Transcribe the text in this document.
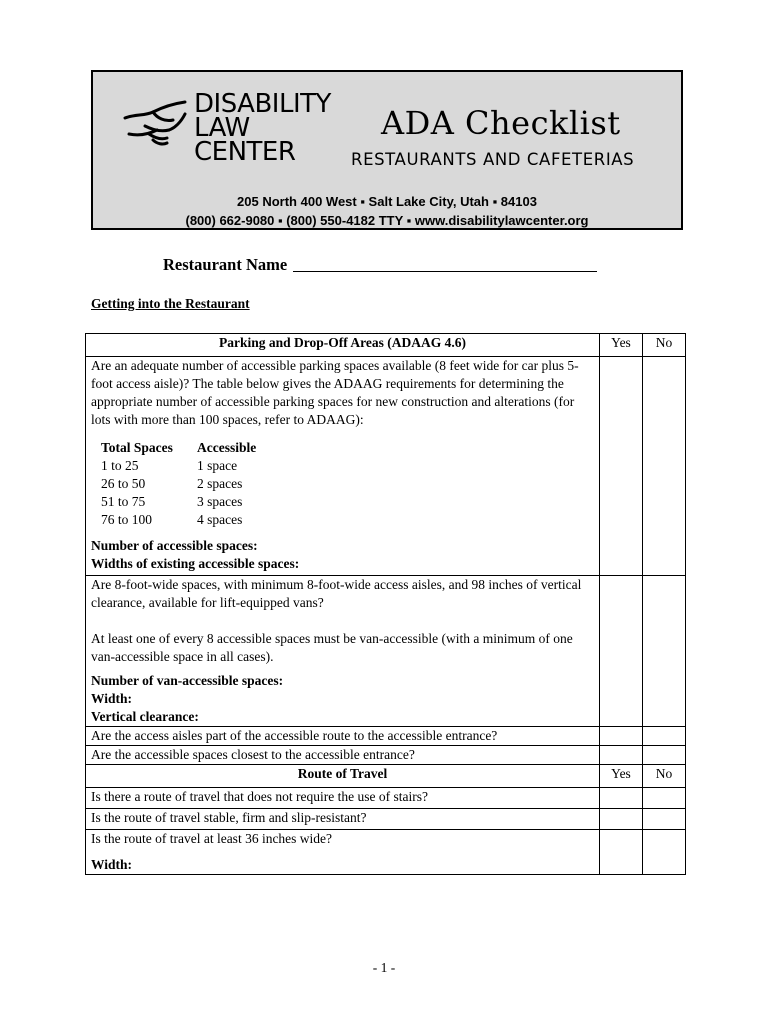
DISABILITY
LAW
CENTER
ADA Checklist
RESTAURANTS AND CAFETERIAS
205 North 400 West ▪ Salt Lake City, Utah ▪ 84103
(800) 662-9080 ▪ (800) 550-4182 TTY ▪ www.disabilitylawcenter.org
Restaurant Name
Getting into the Restaurant
Parking and Drop-Off Areas (ADAAG 4.6)	Yes	No

Are an adequate number of accessible parking spaces available (8 feet wide for car plus 5-foot access aisle)? The table below gives the ADAAG requirements for determining the appropriate number of accessible parking spaces for new construction and alterations (for lots with more than 100 spaces, refer to ADAAG):
Total Spaces	Accessible
1 to 25	1 space
26 to 50	2 spaces
51 to 75	3 spaces
76 to 100	4 spaces
Number of accessible spaces:
Widths of existing accessible spaces:

Are 8-foot-wide spaces, with minimum 8-foot-wide access aisles, and 98 inches of vertical clearance, available for lift-equipped vans?
At least one of every 8 accessible spaces must be van-accessible (with a minimum of one van-accessible space in all cases).
Number of van-accessible spaces:
Width:
Vertical clearance:

Are the access aisles part of the accessible route to the accessible entrance?		
Are the accessible spaces closest to the accessible entrance?		
Route of Travel	Yes	No
Is there a route of travel that does not require the use of stairs?		
Is the route of travel stable, firm and slip-resistant?		

Is the route of travel at least 36 inches wide?
Width:

- 1 -
